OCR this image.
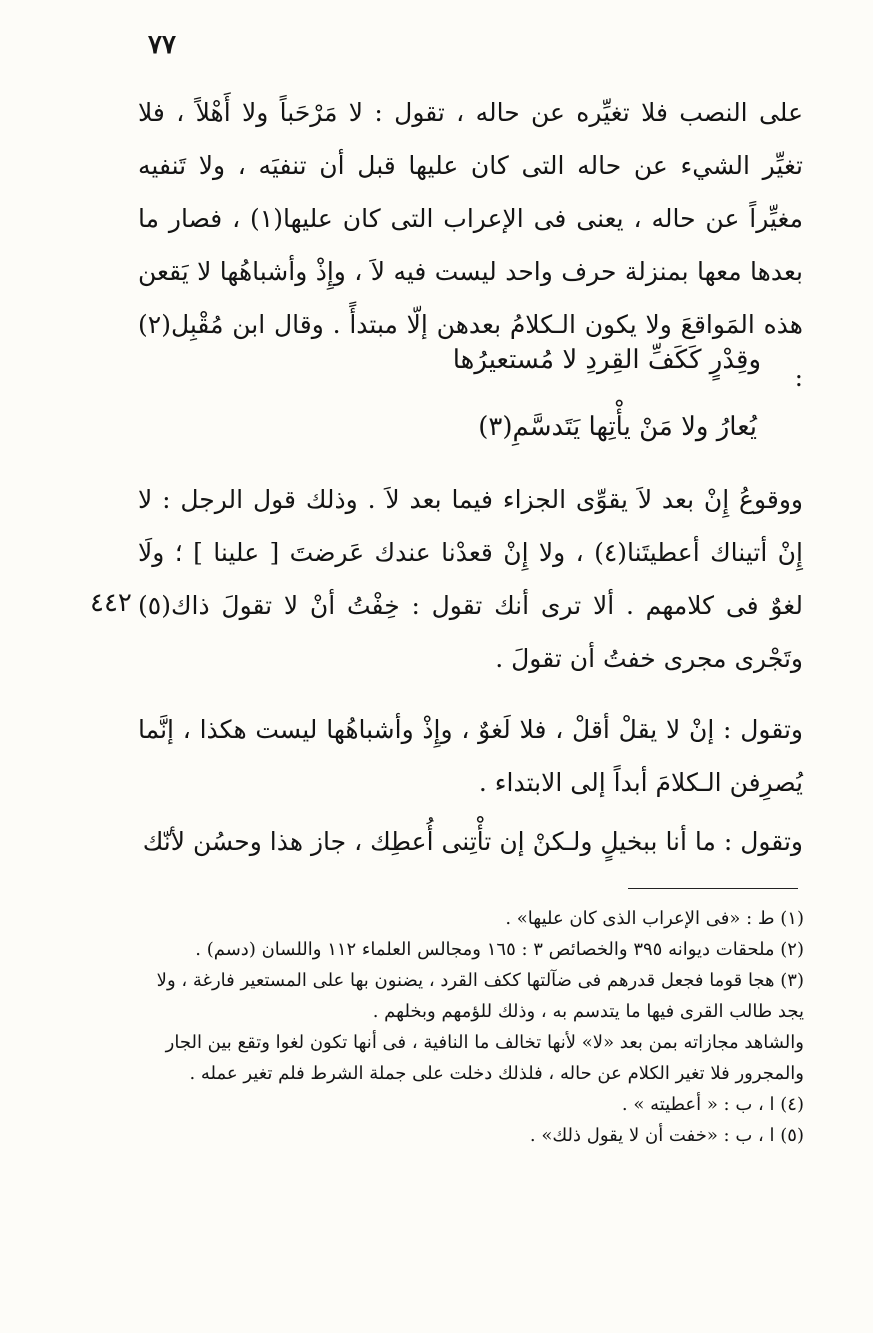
٧٧
٤٤٢

على النصب فلا تغيِّره عن حاله ، تقول : لا مَرْحَباً ولا أَهْلاً ، فلا تغيِّر الشيء عن حاله التى كان عليها قبل أن تنفيَه ، ولا تَنفيه مغيِّراً عن حاله ، يعنى فى الإعراب التى كان عليها(١) ، فصار ما بعدها معها بمنزلة حرف واحد ليست فيه لاَ ، وإِذْ وأشباهُها لا يَقعن هذه المَواقعَ ولا يكون الـكلامُ بعدهن إلّا مبتدأً . وقال ابن مُقْبِل(٢) :

وقِدْرٍ كَكَفِّ القِردِ لا مُستعيرُها
يُعارُ ولا مَنْ يأْتِها يَتَدسَّمِ(٣)

ووقوعُ إِنْ بعد لاَ يقوِّى الجزاء فيما بعد لاَ . وذلك قول الرجل : لا إِنْ أتيناك أعطيتَنا(٤) ، ولا إِنْ قعدْنا عندك عَرضتَ [ علينا ] ؛ ولَا لغوٌ فى كلامهم . ألا ترى أنك تقول : خِفْتُ أنْ لا تقولَ ذاك(٥) وتَجْرى مجرى خفتُ أن تقولَ .

وتقول : إنْ لا يقلْ أقلْ ، فلا لَغوٌ ، وإِذْ وأشباهُها ليست هكذا ، إنَّما يُصرِفن الـكلامَ أبداً إلى الابتداء .

وتقول : ما أنا ببخيلٍ ولـكنْ إن تأْتِنى أُعطِك ، جاز هذا وحسُن لأنّك

(١) ط : «فى الإعراب الذى كان عليها» .

(٢) ملحقات ديوانه ٣٩٥ والخصائص ٣ : ١٦٥ ومجالس العلماء ١١٢ واللسان (دسم) .

(٣) هجا قوما فجعل قدرهم فى ضآلتها ككف القرد ، يضنون بها على المستعير فارغة ، ولا يجد طالب القرى فيها ما يتدسم به ، وذلك للؤمهم وبخلهم .

والشاهد مجازاته بمن بعد «لا» لأنها تخالف ما النافية ، فى أنها تكون لغوا وتقع بين الجار والمجرور فلا تغير الكلام عن حاله ، فلذلك دخلت على جملة الشرط فلم تغير عمله .

(٤) ا ، ب : « أعطيته » .

(٥) ا ، ب : «خفت أن لا يقول ذلك» .
